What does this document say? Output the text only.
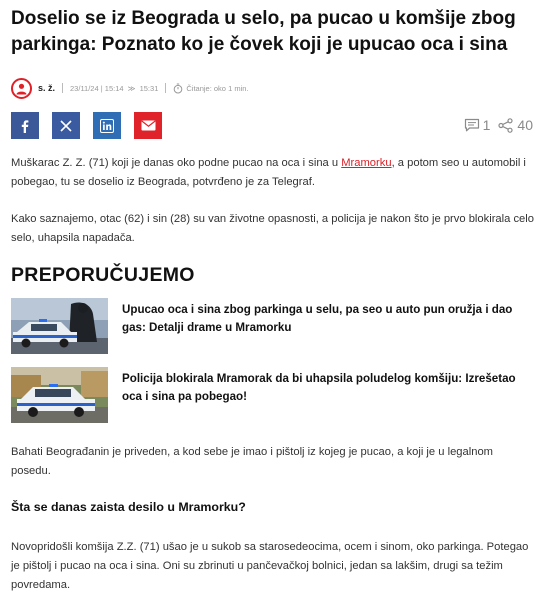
Doselio se iz Beograda u selo, pa pucao u komšije zbog parkinga: Poznato ko je čovek koji je upucao oca i sina
s. ž. 23/11/24 | 15:14 ≫ 15:31	Čitanje: oko 1 min.
1 40

Muškarac Z. Z. (71) koji je danas oko podne pucao na oca i sina u Mramorku, a potom seo u automobil i pobegao, tu se doselio iz Beograda, potvrđeno je za Telegraf.

Kako saznajemo, otac (62) i sin (28) su van životne opasnosti, a policija je nakon što je prvo blokirala celo selo, uhapsila napadača.

PREPORUČUJEMO
Upucao oca i sina zbog parkinga u selu, pa seo u auto pun oružja i dao gas: Detalji drame u Mramorku
Policija blokirala Mramorak da bi uhapsila poludelog komšiju: Izrešetao oca i sina pa pobegao!

Bahati Beograđanin je priveden, a kod sebe je imao i pištolj iz kojeg je pucao, a koji je u legalnom posedu.

Šta se danas zaista desilo u Mramorku?

Novopridošli komšija Z.Z. (71) ušao je u sukob sa starosedeocima, ocem i sinom, oko parkinga. Potegao je pištolj i pucao na oca i sina. Oni su zbrinuti u pančevačkoj bolnici, jedan sa lakšim, drugi sa težim povredama.
